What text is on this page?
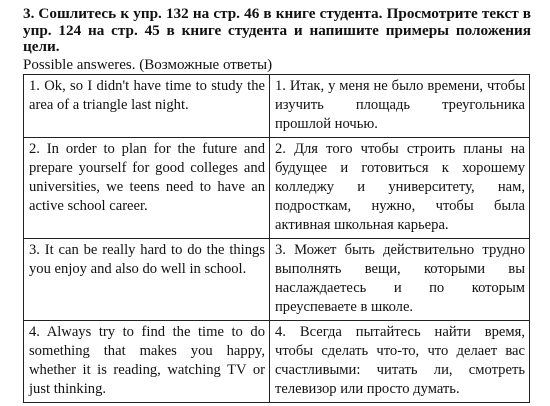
3. Сошлитесь к упр. 132 на стр. 46 в книге студента. Просмотрите текст в упр. 124 на стр. 45 в книге студента и напишите примеры положения цели.

Possible answeres. (Возможные ответы)

1. Ok, so I didn't have time to study the area of a triangle last night.	1. Итак, у меня не было времени, чтобы изучить площадь треугольника прошлой ночью.
2. In order to plan for the future and prepare yourself for good colleges and universities, we teens need to have an active school career.	2. Для того чтобы строить планы на будущее и готовиться к хорошему колледжу и университету, нам, подросткам, нужно, чтобы была активная школьная карьера.
3. It can be really hard to do the things you enjoy and also do well in school.	3. Может быть действительно трудно выполнять вещи, которыми вы наслаждаетесь и по которым преуспеваете в школе.
4. Always try to find the time to do something that makes you happy, whether it is reading, watching TV or just thinking.	4. Всегда пытайтесь найти время, чтобы сделать что-то, что делает вас счастливыми: читать ли, смотреть телевизор или просто думать.
